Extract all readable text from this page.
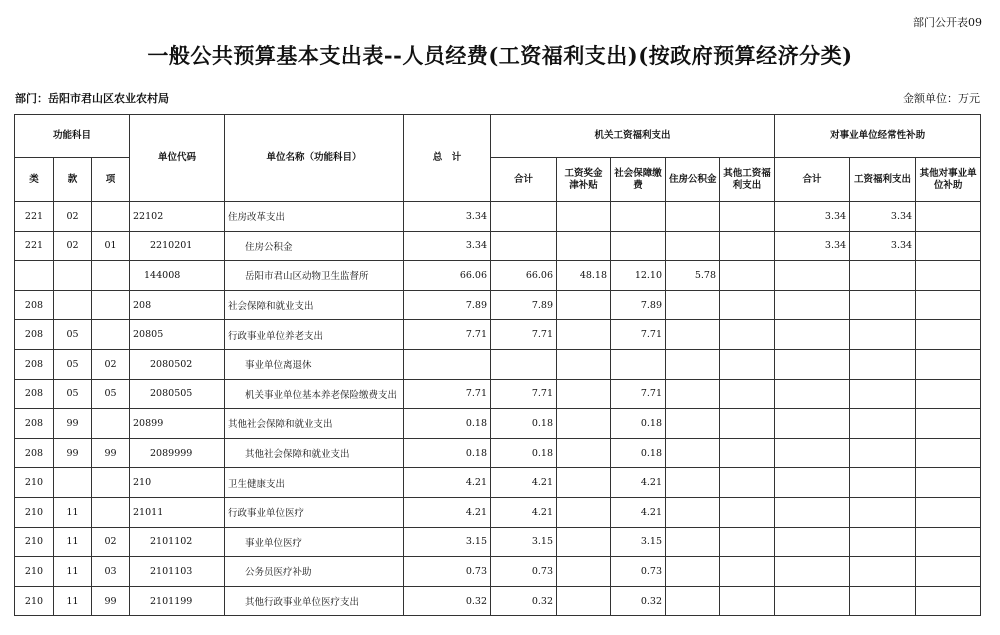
部门公开表09
一般公共预算基本支出表--人员经费(工资福利支出)(按政府预算经济分类)
部门：岳阳市君山区农业农村局	金额单位：万元
功能科目			单位代码	单位名称（功能科目）	总　计	机关工资福利支出					对事业单位经常性补助		
类	款	项				合计	工资奖金津补贴	社会保障缴费	住房公积金	其他工资福利支出	合计	工资福利支出	其他对事业单位补助
221	02		22102	住房改革支出	3.34						3.34	3.34	
221	02	01	2210201	住房公积金	3.34						3.34	3.34	
			144008	岳阳市君山区动物卫生监督所	66.06	66.06	48.18	12.10	5.78				
208			208	社会保障和就业支出	7.89	7.89		7.89					
208	05		20805	行政事业单位养老支出	7.71	7.71		7.71					
208	05	02	2080502	事业单位离退休									
208	05	05	2080505	机关事业单位基本养老保险缴费支出	7.71	7.71		7.71					
208	99		20899	其他社会保障和就业支出	0.18	0.18		0.18					
208	99	99	2089999	其他社会保障和就业支出	0.18	0.18		0.18					
210			210	卫生健康支出	4.21	4.21		4.21					
210	11		21011	行政事业单位医疗	4.21	4.21		4.21					
210	11	02	2101102	事业单位医疗	3.15	3.15		3.15					
210	11	03	2101103	公务员医疗补助	0.73	0.73		0.73					
210	11	99	2101199	其他行政事业单位医疗支出	0.32	0.32		0.32					
